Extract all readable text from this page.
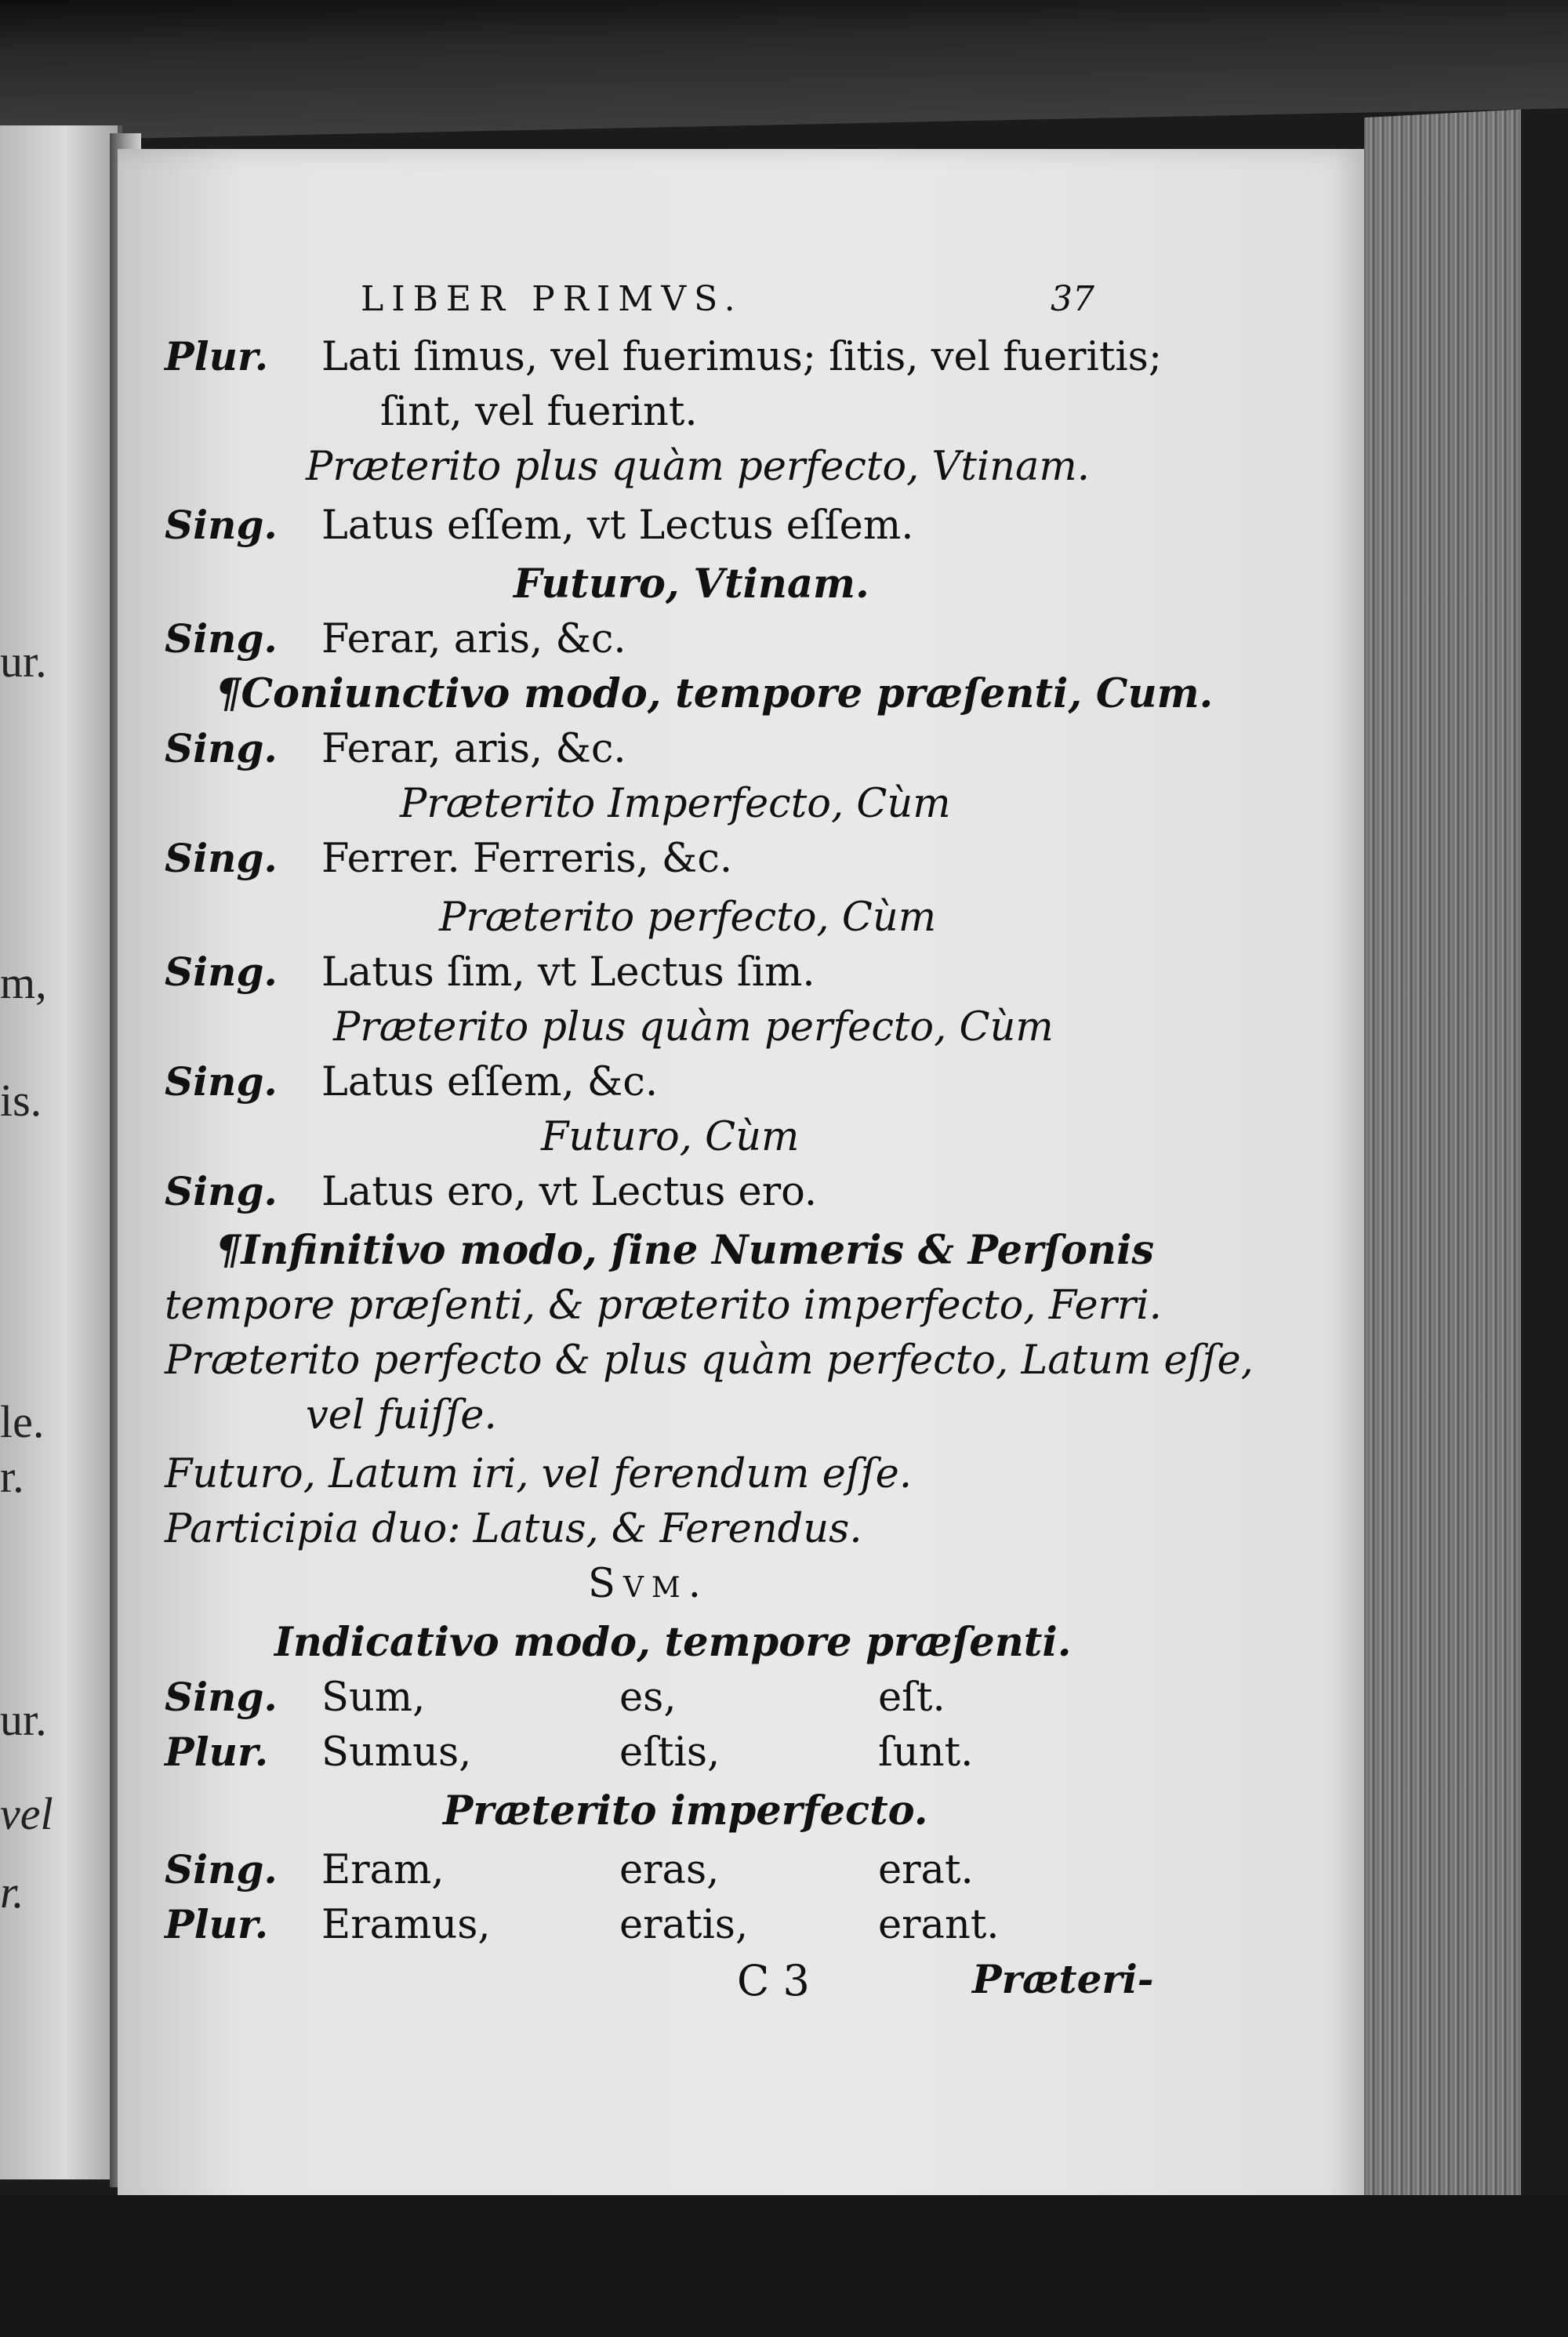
ur.
m,
is.
le.
r.
ur.
vel
r.
LIBER PRIMVS.	37
Plur. Lati ſimus, vel fuerimus; ſitis, vel fueritis;
ſint, vel fuerint.
Præterito plus quàm perfecto, Vtinam.
Sing. Latus eſſem, vt Lectus eſſem.
Futuro, Vtinam.
Sing. Ferar, aris, &c.
¶Coniunctivo modo, tempore præſenti, Cum.
Sing. Ferar, aris, &c.
Præterito Imperfecto, Cùm
Sing. Ferrer. Ferreris, &c.
Præterito perfecto, Cùm
Sing. Latus ſim, vt Lectus ſim.
Præterito plus quàm perfecto, Cùm
Sing. Latus eſſem, &c.
Futuro, Cùm
Sing. Latus ero, vt Lectus ero.
¶Infinitivo modo, ſine Numeris & Perſonis
tempore præſenti, & præterito imperfecto, Ferri.
Præterito perfecto & plus quàm perfecto, Latum eſſe,
vel fuiſſe.
Futuro, Latum iri, vel ferendum eſſe.
Participia duo: Latus, & Ferendus.
Svm.
Indicativo modo, tempore præſenti.
Sing. Sum,	es,	eſt.
Plur. Sumus,	eſtis,	ſunt.
Præterito imperfecto.
Sing. Eram,	eras,	erat.
Plur. Eramus,	eratis,	erant.
C 3	Præteri-
